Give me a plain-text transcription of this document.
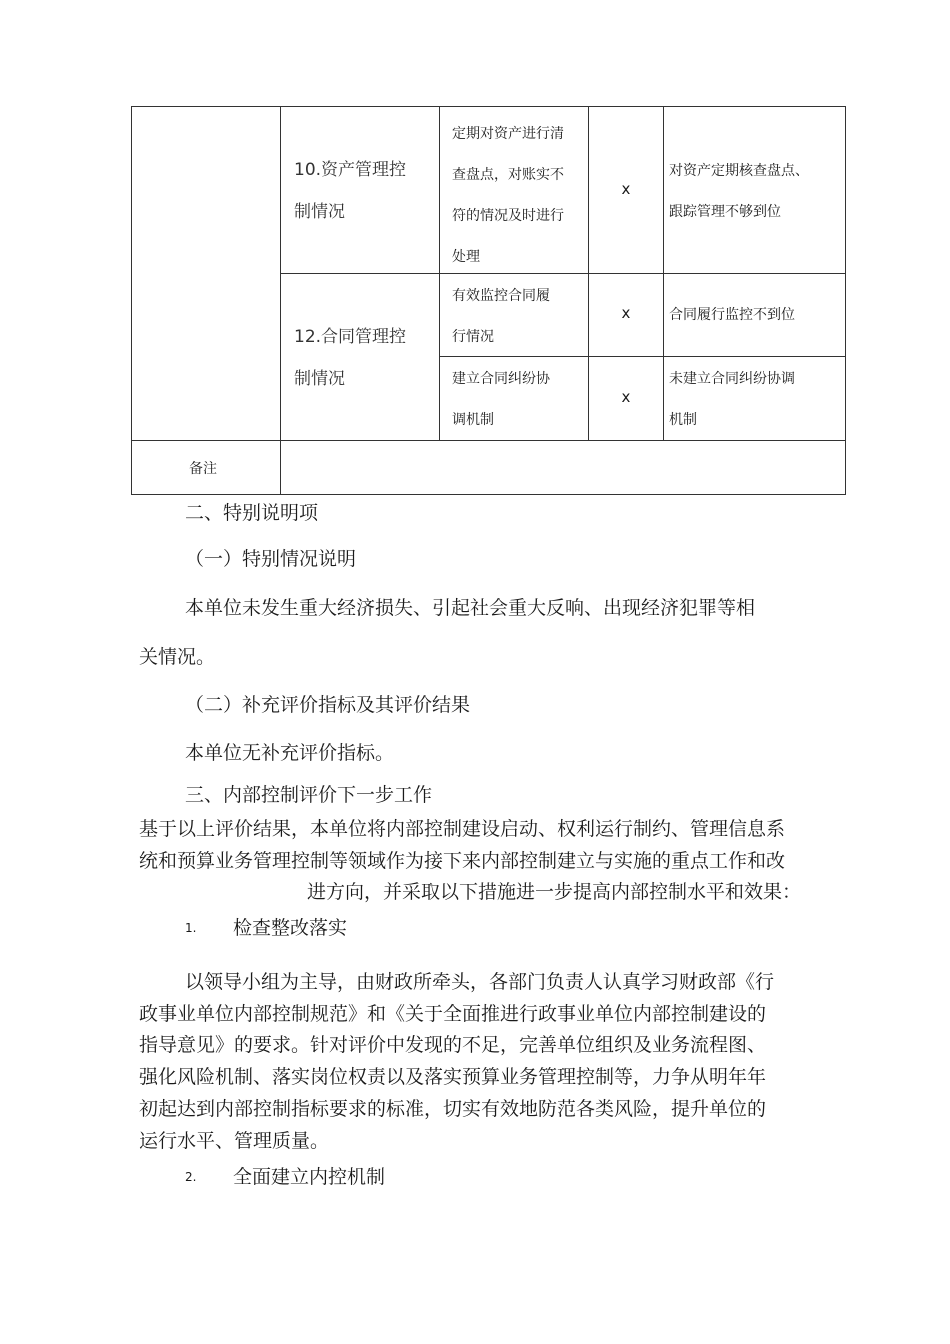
10.资产管理控
制情况
定期对资产进行清
查盘点，对账实不
符的情况及时进行
处理
x
对资产定期核查盘点、
跟踪管理不够到位
12.合同管理控
制情况
有效监控合同履
行情况
x	合同履行监控不到位
建立合同纠纷协
调机制
x
未建立合同纠纷协调
机制
备注
二、特别说明项
（一）特别情况说明
本单位未发生重大经济损失、引起社会重大反响、出现经济犯罪等相
关情况。
（二）补充评价指标及其评价结果
本单位无补充评价指标。
三、内部控制评价下一步工作
基于以上评价结果，本单位将内部控制建设启动、权利运行制约、管理信息系
统和预算业务管理控制等领域作为接下来内部控制建立与实施的重点工作和改
进方向，并采取以下措施进一步提高内部控制水平和效果：
1. 检查整改落实
以领导小组为主导，由财政所牵头，各部门负责人认真学习财政部《行
政事业单位内部控制规范》和《关于全面推进行政事业单位内部控制建设的
指导意见》的要求。针对评价中发现的不足，完善单位组织及业务流程图、
强化风险机制、落实岗位权责以及落实预算业务管理控制等，力争从明年年
初起达到内部控制指标要求的标准，切实有效地防范各类风险，提升单位的
运行水平、管理质量。
2. 全面建立内控机制
